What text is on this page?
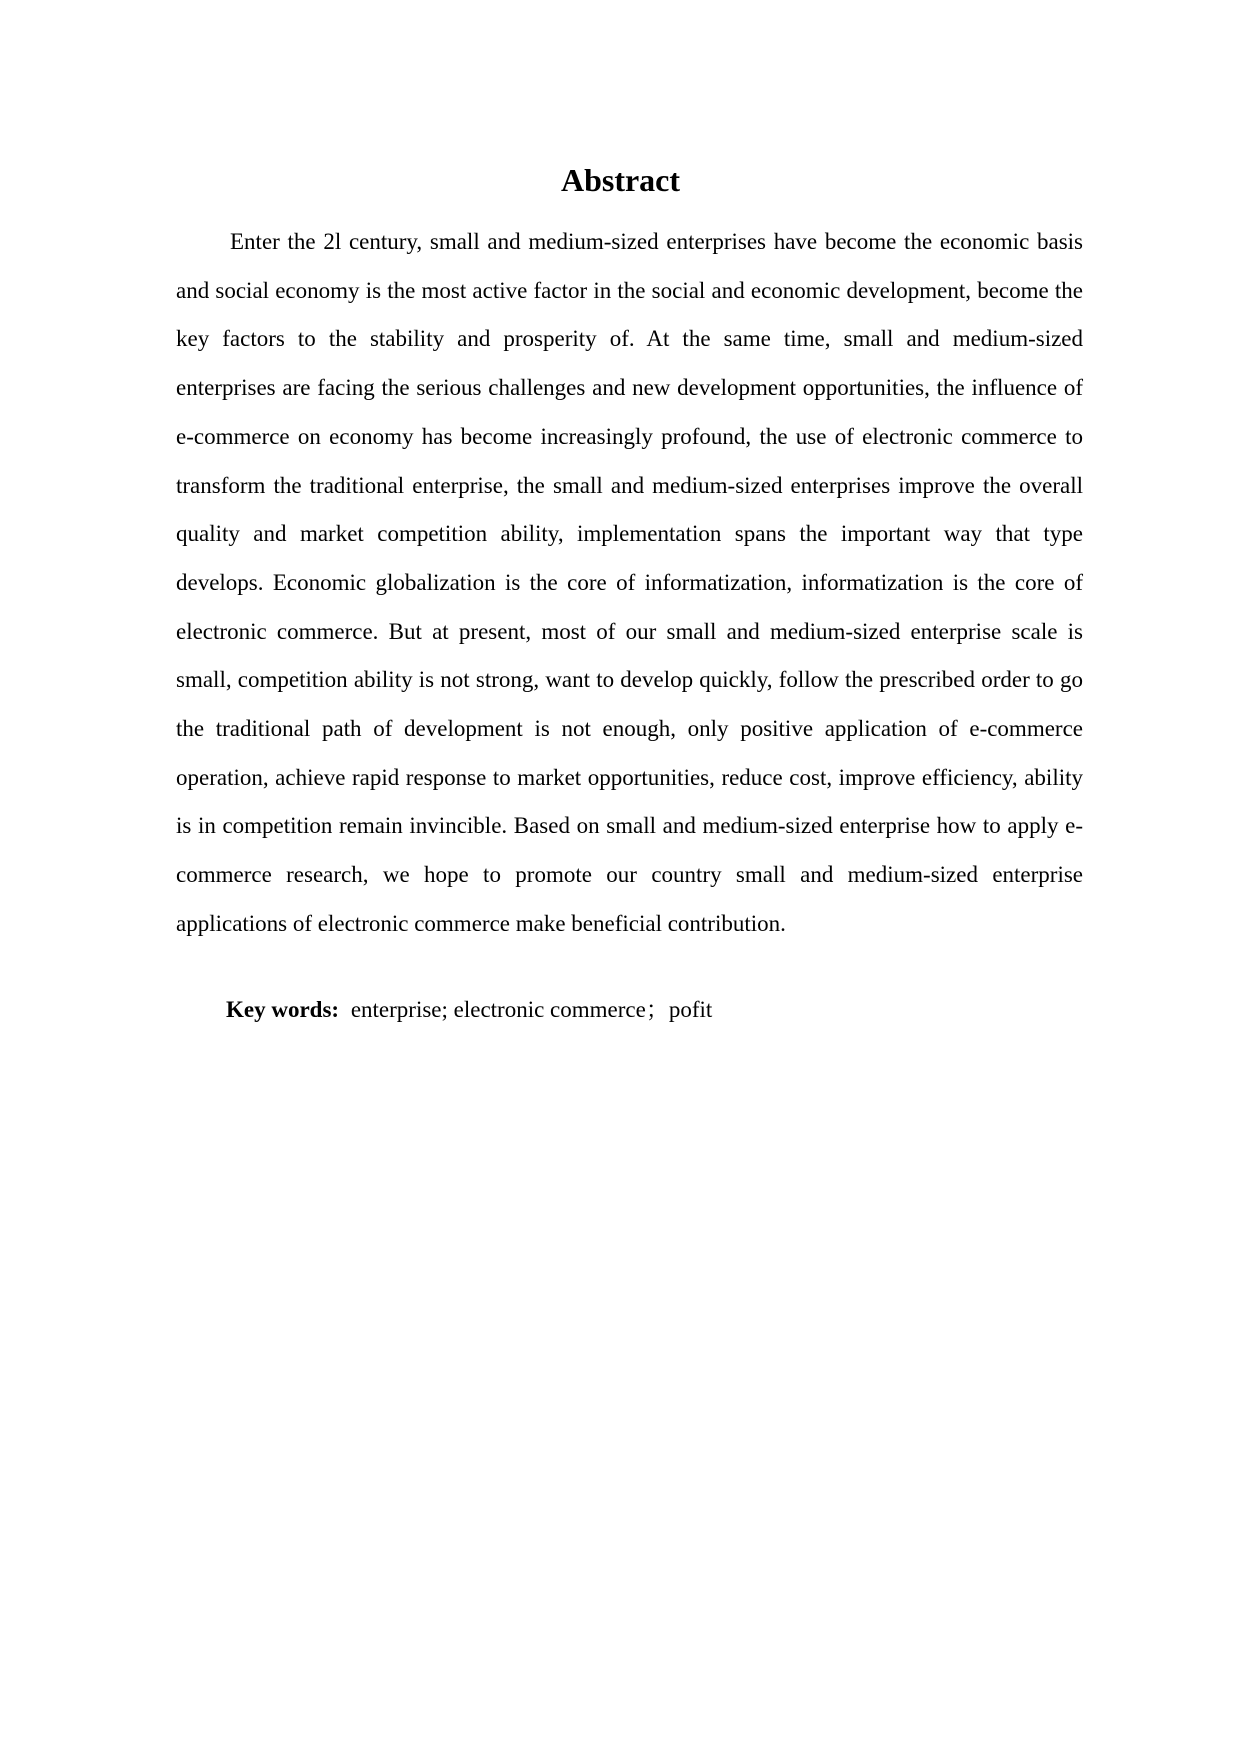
Abstract

Enter the 2l century, small and medium-sized enterprises have become the economic basis and social economy is the most active factor in the social and economic development, become the key factors to the stability and prosperity of. At the same time, small and medium-sized enterprises are facing the serious challenges and new development opportunities, the influence of e-commerce on economy has become increasingly profound, the use of electronic commerce to transform the traditional enterprise, the small and medium-sized enterprises improve the overall quality and market competition ability, implementation spans the important way that type develops. Economic globalization is the core of informatization, informatization is the core of electronic commerce. But at present, most of our small and medium-sized enterprise scale is small, competition ability is not strong, want to develop quickly, follow the prescribed order to go the traditional path of development is not enough, only positive application of e-commerce operation, achieve rapid response to market opportunities, reduce cost, improve efficiency, ability is in competition remain invincible. Based on small and medium-sized enterprise how to apply e-commerce research, we hope to promote our country small and medium-sized enterprise applications of electronic commerce make beneficial contribution.

Key words: enterprise; electronic commerce；pofit
